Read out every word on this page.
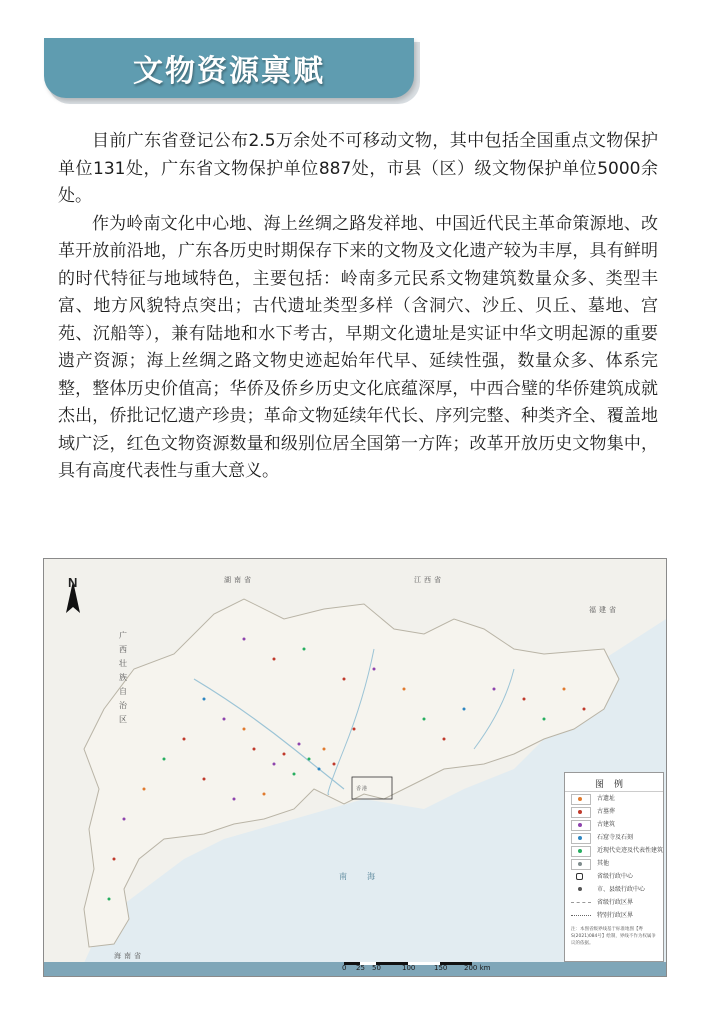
文物资源禀赋

目前广东省登记公布2.5万余处不可移动文物，其中包括全国重点文物保护单位131处，广东省文物保护单位887处，市县（区）级文物保护单位5000余处。

作为岭南文化中心地、海上丝绸之路发祥地、中国近代民主革命策源地、改革开放前沿地，广东各历史时期保存下来的文物及文化遗产较为丰厚，具有鲜明的时代特征与地域特色，主要包括：岭南多元民系文物建筑数量众多、类型丰富、地方风貌特点突出；古代遗址类型多样（含洞穴、沙丘、贝丘、墓地、宫苑、沉船等），兼有陆地和水下考古，早期文化遗址是实证中华文明起源的重要遗产资源；海上丝绸之路文物史迹起始年代早、延续性强，数量众多、体系完整，整体历史价值高；华侨及侨乡历史文化底蕴深厚，中西合璧的华侨建筑成就杰出，侨批记忆遗产珍贵；革命文物延续年代长、序列完整、种类齐全、覆盖地域广泛，红色文物资源数量和级别位居全国第一方阵；改革开放历史文物集中，具有高度代表性与重大意义。

N	湖南省	江西省
福建省
广西壮族自治区
香港
南海
海南省
图例
古遗址
古墓葬
古建筑
石窟寺及石刻
近现代史迹及代表性建筑
其他
省级行政中心
市、县级行政中心
省级行政区界
特别行政区界
注：本图省级界线基于标准地图【粤S(2021)084号】绘制，界线不作为权属争议的依据。
0 25 50	100	150 200 km
